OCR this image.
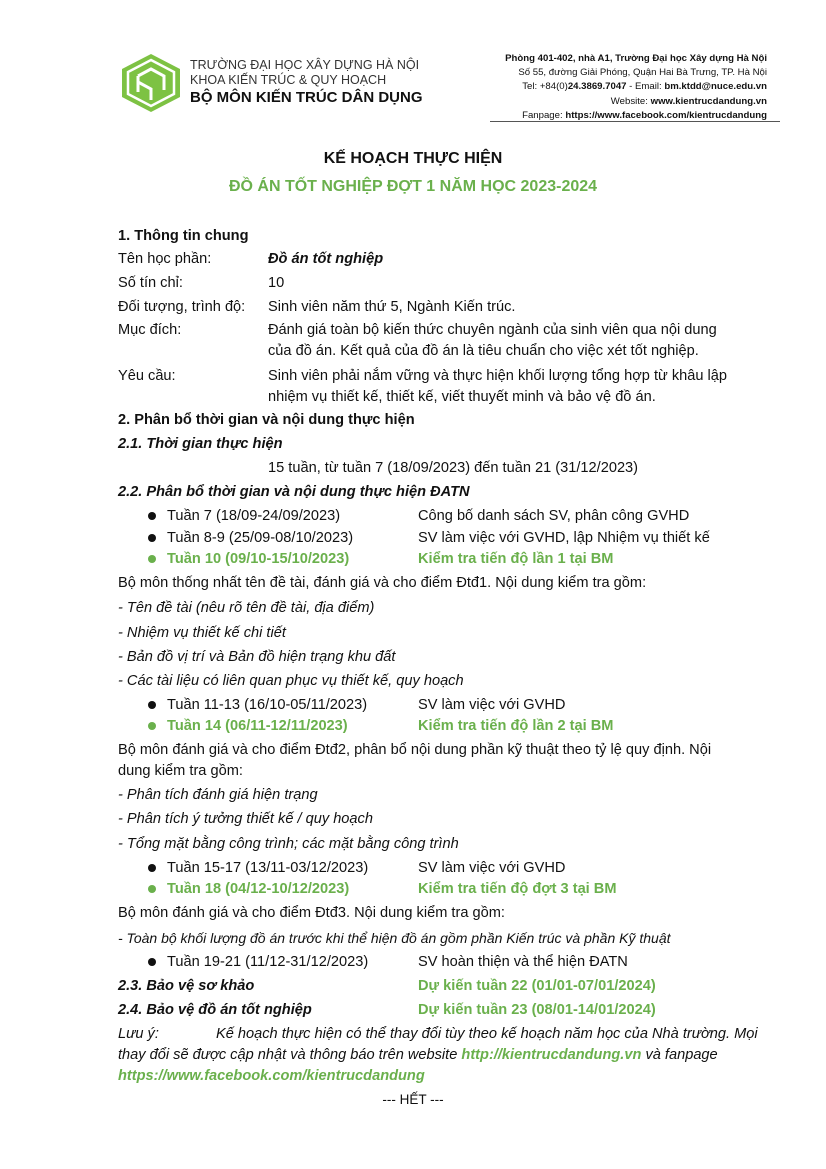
TRƯỜNG ĐẠI HỌC XÂY DỰNG HÀ NỘI
KHOA KIẾN TRÚC & QUY HOẠCH
BỘ MÔN KIẾN TRÚC DÂN DỤNG
Phòng 401-402, nhà A1, Trường Đại học Xây dựng Hà Nội
Số 55, đường Giải Phóng, Quận Hai Bà Trưng, TP. Hà Nội
Tel: +84(0)24.3869.7047 - Email: bm.ktdd@nuce.edu.vn
Website: www.kientrucdandung.vn
Fanpage: https://www.facebook.com/kientrucdandung
KẾ HOẠCH THỰC HIỆN
ĐỒ ÁN TỐT NGHIỆP ĐỢT 1 NĂM HỌC 2023-2024
1. Thông tin chung
Tên học phần:	Đồ án tốt nghiệp
Số tín chỉ:	10
Đối tượng, trình độ: Sinh viên năm thứ 5, Ngành Kiến trúc.
Mục đích:	Đánh giá toàn bộ kiến thức chuyên ngành của sinh viên qua nội dung
của đồ án. Kết quả của đồ án là tiêu chuẩn cho việc xét tốt nghiệp.
Yêu cầu:	Sinh viên phải nắm vững và thực hiện khối lượng tổng hợp từ khâu lập
nhiệm vụ thiết kế, thiết kế, viết thuyết minh và bảo vệ đồ án.
2. Phân bổ thời gian và nội dung thực hiện
2.1. Thời gian thực hiện
15 tuần, từ tuần 7 (18/09/2023) đến tuần 21 (31/12/2023)
2.2. Phân bổ thời gian và nội dung thực hiện ĐATN
Tuần 7 (18/09-24/09/2023)	Công bố danh sách SV, phân công GVHD
Tuần 8-9 (25/09-08/10/2023)	SV làm việc với GVHD, lập Nhiệm vụ thiết kế
Tuần 10 (09/10-15/10/2023)	Kiểm tra tiến độ lần 1 tại BM
Bộ môn thống nhất tên đề tài, đánh giá và cho điểm Đtđ1. Nội dung kiểm tra gồm:
- Tên đề tài (nêu rõ tên đề tài, địa điểm)
- Nhiệm vụ thiết kế chi tiết
- Bản đồ vị trí và Bản đồ hiện trạng khu đất
- Các tài liệu có liên quan phục vụ thiết kế, quy hoạch
Tuần 11-13 (16/10-05/11/2023)	SV làm việc với GVHD
Tuần 14 (06/11-12/11/2023)	Kiểm tra tiến độ lần 2 tại BM
Bộ môn đánh giá và cho điểm Đtđ2, phân bổ nội dung phần kỹ thuật theo tỷ lệ quy định. Nội
dung kiểm tra gồm:
- Phân tích đánh giá hiện trạng
- Phân tích ý tưởng thiết kế / quy hoạch
- Tổng mặt bằng công trình; các mặt bằng công trình
Tuần 15-17 (13/11-03/12/2023)	SV làm việc với GVHD
Tuần 18 (04/12-10/12/2023)	Kiểm tra tiến độ đợt 3 tại BM
Bộ môn đánh giá và cho điểm Đtđ3. Nội dung kiểm tra gồm:
- Toàn bộ khối lượng đồ án trước khi thể hiện đồ án gồm phần Kiến trúc và phần Kỹ thuật
Tuần 19-21 (11/12-31/12/2023)	SV hoàn thiện và thể hiện ĐATN
2.3. Bảo vệ sơ khảo	Dự kiến tuần 22 (01/01-07/01/2024)
2.4. Bảo vệ đồ án tốt nghiệp	Dự kiến tuần 23 (08/01-14/01/2024)
Lưu ý:	Kế hoạch thực hiện có thể thay đổi tùy theo kế hoạch năm học của Nhà trường. Mọi
thay đổi sẽ được cập nhật và thông báo trên website http://kientrucdandung.vn và fanpage
https://www.facebook.com/kientrucdandung
--- HẾT ---
